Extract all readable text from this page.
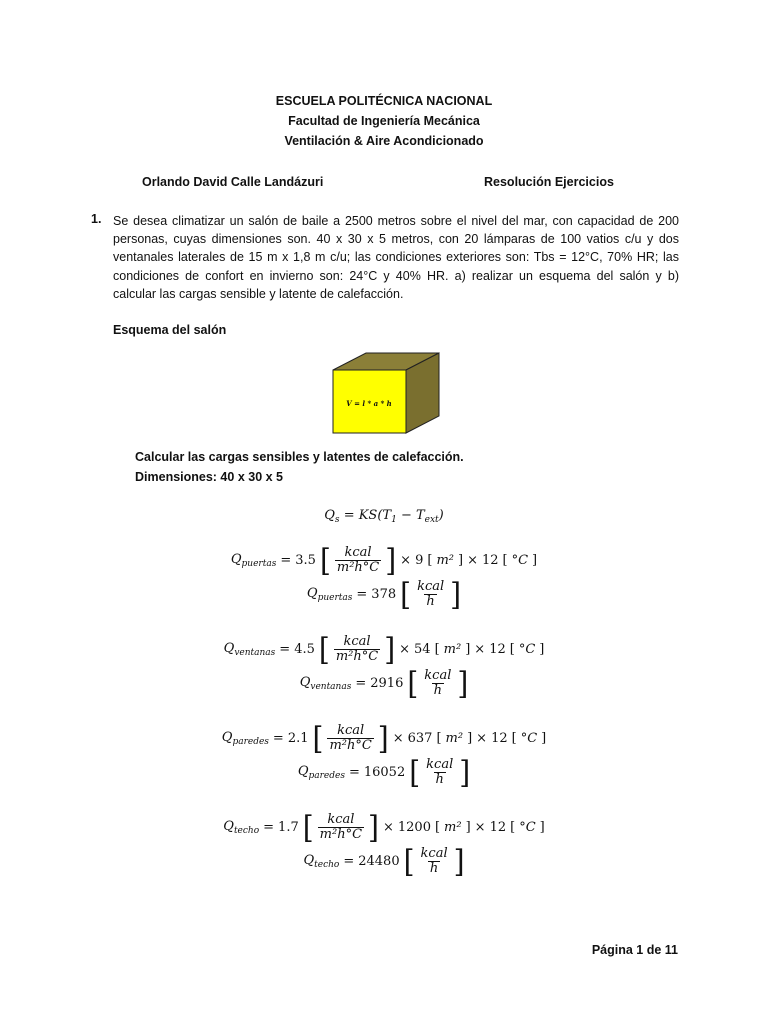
ESCUELA POLITÉCNICA NACIONAL
Facultad de Ingeniería Mecánica
Ventilación & Aire Acondicionado
Orlando David Calle Landázuri	Resolución Ejercicios
1. Se desea climatizar un salón de baile a 2500 metros sobre el nivel del mar, con capacidad de 200 personas, cuyas dimensiones son. 40 x 30 x 5 metros, con 20 lámparas de 100 vatios c/u y dos ventanales laterales de 15 m x 1,8 m c/u; las condiciones exteriores son: Tbs = 12°C, 70% HR; las condiciones de confort en invierno son: 24°C y 40% HR. a) realizar un esquema del salón y b) calcular las cargas sensible y latente de calefacción.
Esquema del salón
V = l * a * h
Calcular las cargas sensibles y latentes de calefacción.
Dimensiones: 40 x 30 x 5
$Q_s = KS(T_1 - T_{ext})$
$Q_{puertas} = 3.5$ [ $\frac{\text{kcal}}{\text{m²h°C}}$ ] × 9 [ m² ] × 12 [ °C ]
$Q_{puertas} = 378$ [ $\frac{\text{kcal}}{h}$ ]
$Q_{ventanas} = 4.5$ [ $\frac{\text{kcal}}{\text{m²h°C}}$ ] × 54 [ m² ] × 12 [ °C ]
$Q_{ventanas} = 2916$ [ $\frac{\text{kcal}}{h}$ ]
$Q_{paredes} = 2.1$ [ $\frac{\text{kcal}}{\text{m²h°C}}$ ] × 637 [ m² ] × 12 [ °C ]
$Q_{paredes} = 16052$ [ $\frac{\text{kcal}}{h}$ ]
$Q_{techo} = 1.7$ [ $\frac{\text{kcal}}{\text{m²h°C}}$ ] × 1200 [ m² ] × 12 [ °C ]
$Q_{techo} = 24480$ [ $\frac{\text{kcal}}{h}$ ]
Página 1 de 11
